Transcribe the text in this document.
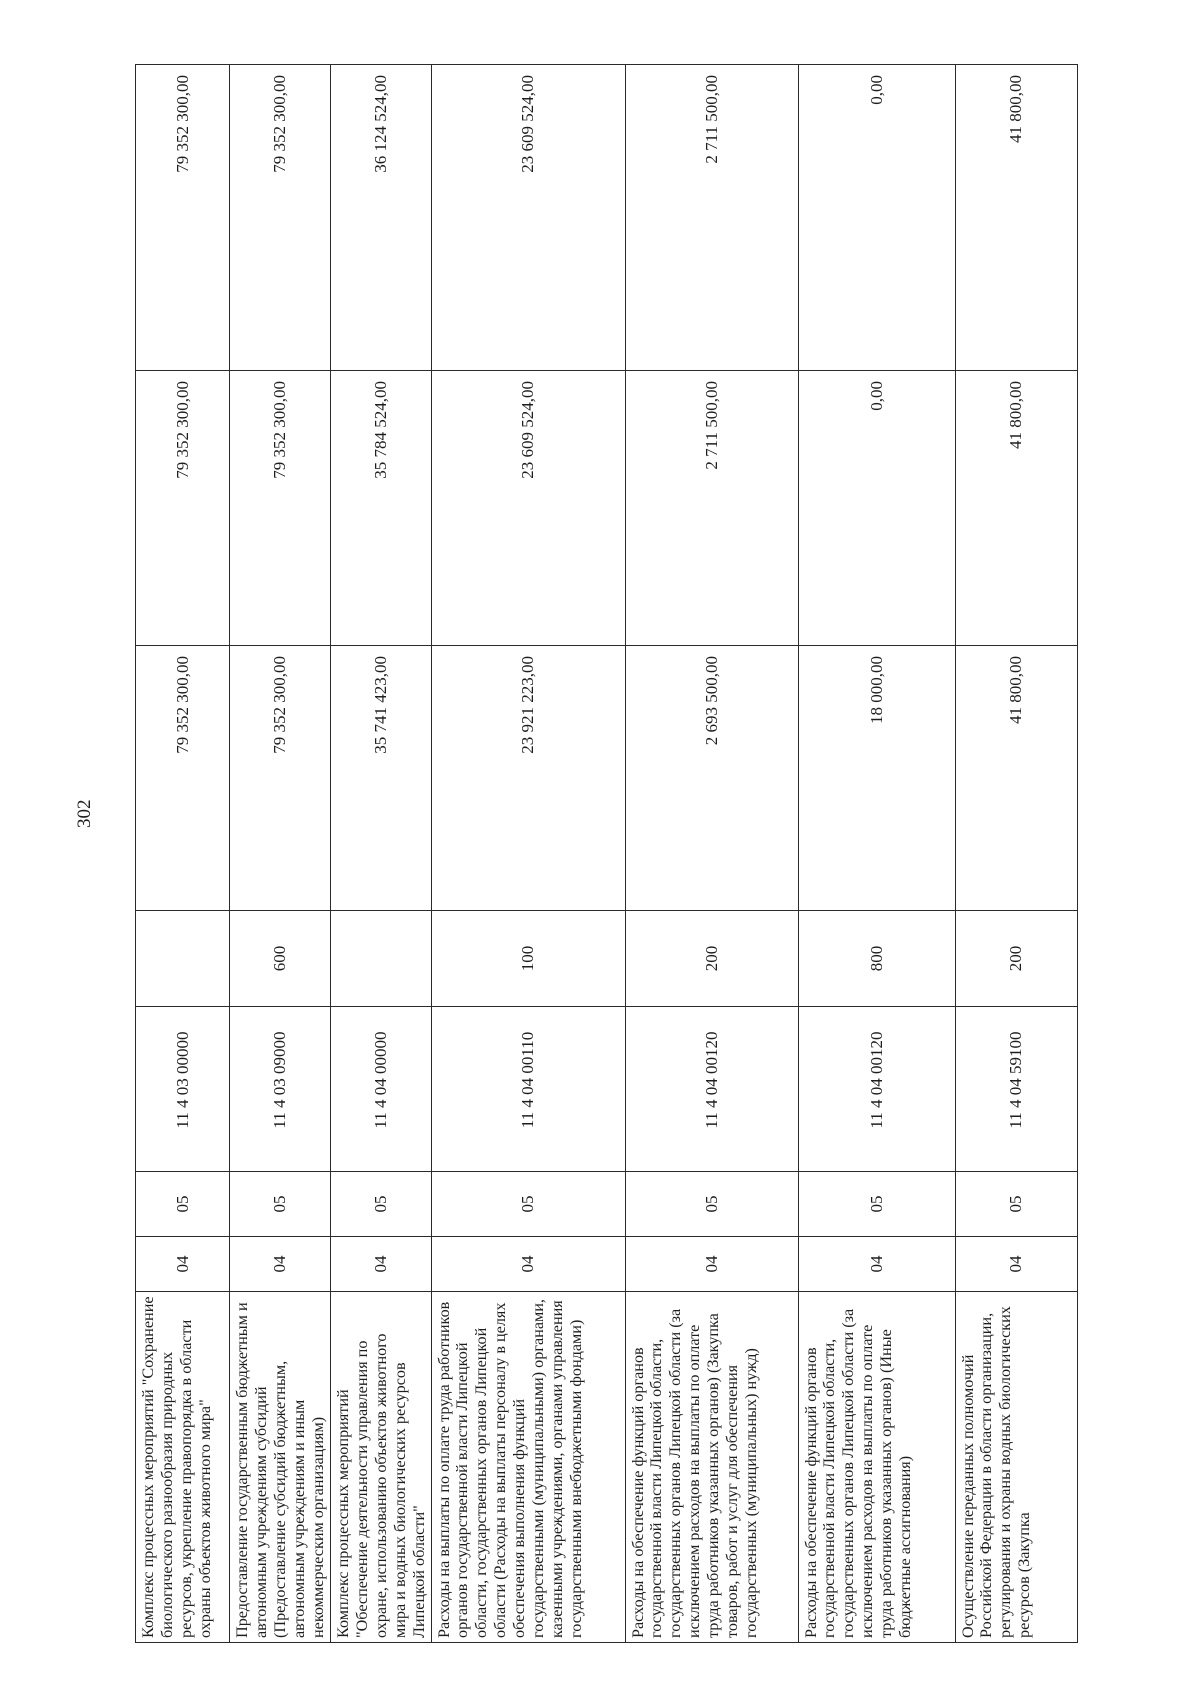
302
Комплекс процессных мероприятий "Сохранение биологического разнообразия природных ресурсов, укрепление правопорядка в области охраны объектов животного мира"	04	05	11 4 03 00000		79 352 300,00	79 352 300,00	79 352 300,00
Предоставление государственным бюджетным и автономным учреждениям субсидий (Предоставление субсидий бюджетным, автономным учреждениям и иным некоммерческим организациям)	04	05	11 4 03 09000	600	79 352 300,00	79 352 300,00	79 352 300,00
Комплекс процессных мероприятий "Обеспечение деятельности управления по охране, использованию объектов животного мира и водных биологических ресурсов Липецкой области"	04	05	11 4 04 00000		35 741 423,00	35 784 524,00	36 124 524,00
Расходы на выплаты по оплате труда работников органов государственной власти Липецкой области, государственных органов Липецкой области (Расходы на выплаты персоналу в целях обеспечения выполнения функций государственными (муниципальными) органами, казенными учреждениями, органами управления государственными внебюджетными фондами)	04	05	11 4 04 00110	100	23 921 223,00	23 609 524,00	23 609 524,00
Расходы на обеспечение функций органов государственной власти Липецкой области, государственных органов Липецкой области (за исключением расходов на выплаты по оплате труда работников указанных органов) (Закупка товаров, работ и услуг для обеспечения государственных (муниципальных) нужд)	04	05	11 4 04 00120	200	2 693 500,00	2 711 500,00	2 711 500,00
Расходы на обеспечение функций органов государственной власти Липецкой области, государственных органов Липецкой области (за исключением расходов на выплаты по оплате труда работников указанных органов) (Иные бюджетные ассигнования)	04	05	11 4 04 00120	800	18 000,00	0,00	0,00
Осуществление переданных полномочий Российской Федерации в области организации, регулирования и охраны водных биологических ресурсов (Закупка	04	05	11 4 04 59100	200	41 800,00	41 800,00	41 800,00
